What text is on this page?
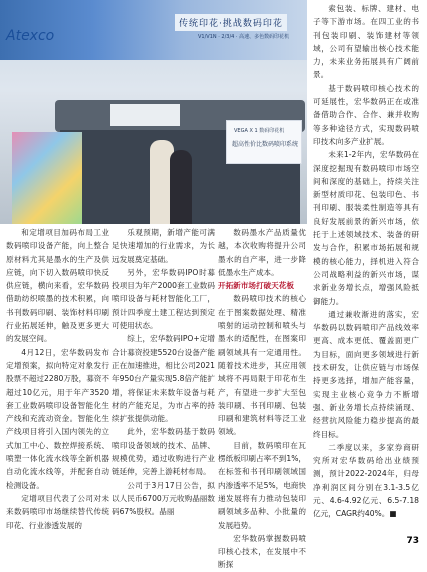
Atexco
传统印花·挑战数码印花
V1/V1N · 2/3/4 · 高速、多色数码印花机
VEGA X 1 数码印花机
超高性价比数码喷印系统

和定增项目加码布局工业数码喷印设备产能，向上整合原材料尤其是墨水的生产及供应链，向下切入数码喷印快反供应链，横向来看，宏华数码借助纺织喷墨的技术积累，向书刊数码印刷、装饰材料印刷行业拓展延伸，触及更多更大的发展空间。

4月12日，宏华数码发布定增预案，拟向特定对象发行股票不超过2280万股，募资不超过10亿元，用于年产3520套工业数码喷印设备智能化生产线和充流动资金。智能化生产线项目将引入国内领先的立式加工中心、数控焊接系统、喷塑一体化流水线等全新机器自动化流水线等，并配套自动检测设备。

定增项目代表了公司对未来数码喷印市场继续替代传统印花、行业渗透发展的

乐观预期，新增产能可满足快速增加的行业需求，为长远发展奠定基础。

另外，宏华数码IPO时募投项目为年产2000套工业数码喷印设备与耗材智能化工厂，预计四季度土建工程达到预定可使用状态。

综上，宏华数码IPO+定增合计募资投建5520台设备产能正在加速推进，相比公司2021年950台产量实现5.8倍产能扩增，将保证未来数年设备与耗材的产能充足，为市占率的持续扩张提供动能。

此外，宏华数码基于数码喷印设备领域的技术、品牌、规模优势，通过收购进行产业链延伸，完善上游耗材布局。

公司于3月17日公告，拟以人民币6700万元收购晶丽数码67%股权。晶丽

数码墨水产品质量优越，本次收购将提升公司墨水的自产率，进一步降低墨水生产成本。

开拓新市场打破天花板

数码喷印技术的核心在于图案数据处理、精准喷射的运动控制和喷头与墨水的适配性，在图案印刷领域具有一定通用性。随着技术进步，其应用领域将不再局限于印花布生产，有望进一步扩大至包装印刷、书刊印刷、包装印刷和建筑材料等泛工业领域。

目前，数码喷印在瓦楞纸板印刷占率不到1%，在标签和书刊印刷领域国内渗透率不足5%，电商快递发展将有力推动包装印刷领域多品种、小批量的发展趋势。

宏华数码掌握数码喷印核心技术，在发展中不断探

索包装、标牌、建材、电子等下游市场。在四工业的书刊包装印刷、装饰建材等领域，公司有望输出核心技术能力，未来业务拓展具有广阔前景。

基于数码喷印核心技术的可延展性，宏华数码正在或准备借助合作、合作、兼并收购等多种途径方式，实现数码喷印技术向多产业扩展。

未来1-2年内，宏华数码在深度挖掘现有数码喷印市场空间和深度的基础上，持续关注新型材质印花、包装印色、书刊印刷、服装柔性制造等具有良好发展前景的新兴市场，依托于上述领域技术、装备的研发与合作，积累市场拓展和规模的核心能力，择机进入符合公司战略利益的新兴市场，谋求新业务增长点，增强风险抵御能力。

通过兼收渐进的落实，宏华数码以数码喷印产品线效率更高、成本更低、覆盖面更广为目标，面向更多领域进行新技术研发，让供应链与市场保持更多选择，增加产能容量，实现主业核心竞争力不断增强、新业务增长点持续涌现、经营抗风险能力稳步提高的最终目标。

二季度以来，多家券商研究所对宏华数码给出业绩预测，预计2022-2024年，归母净利润区间分别在3.1-3.5亿元、4.6-4.92亿元、6.5-7.18亿元，CAGR约40%。■

73
